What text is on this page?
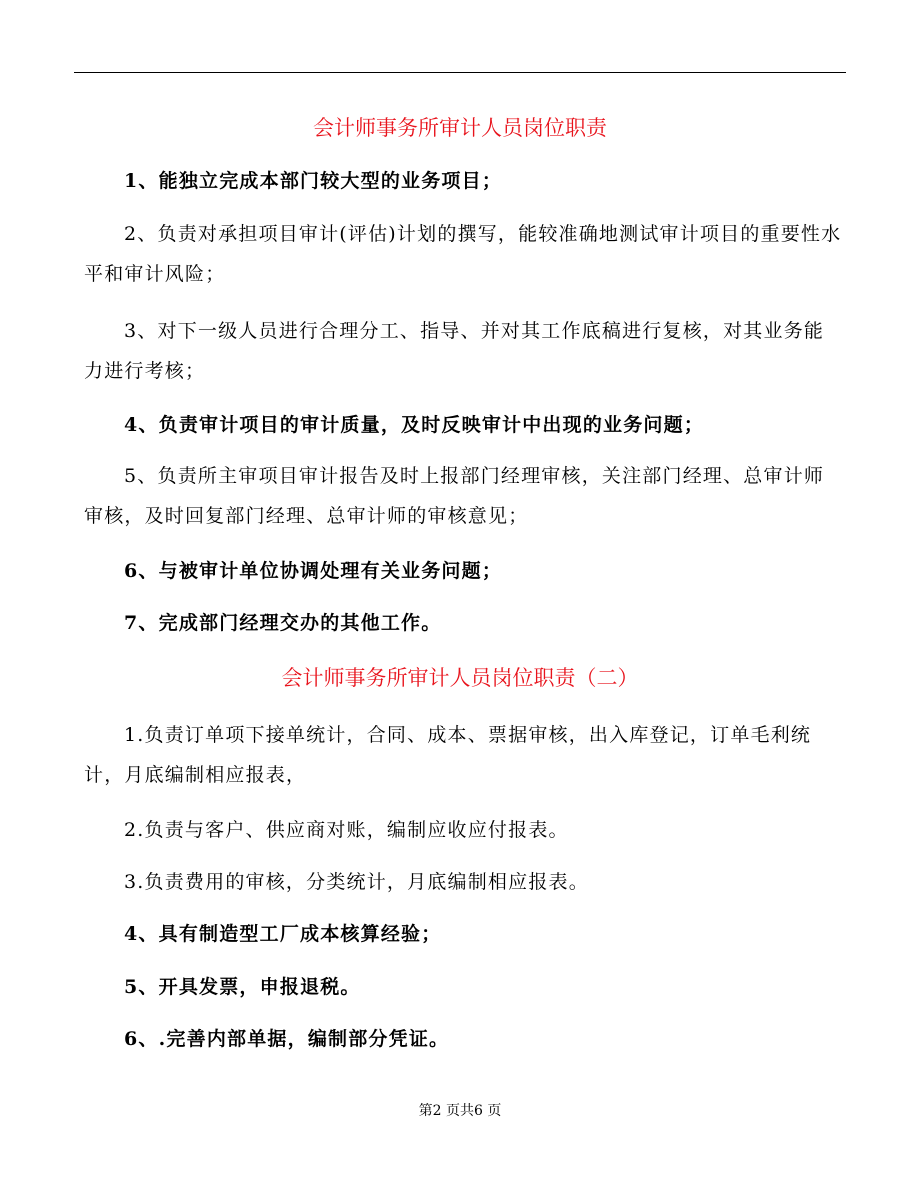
会计师事务所审计人员岗位职责
1、能独立完成本部门较大型的业务项目；
2、负责对承担项目审计(评估)计划的撰写，能较准确地测试审计项目的重要性水平和审计风险；
3、对下一级人员进行合理分工、指导、并对其工作底稿进行复核，对其业务能力进行考核；
4、负责审计项目的审计质量，及时反映审计中出现的业务问题；
5、负责所主审项目审计报告及时上报部门经理审核，关注部门经理、总审计师审核，及时回复部门经理、总审计师的审核意见；
6、与被审计单位协调处理有关业务问题；
7、完成部门经理交办的其他工作。
会计师事务所审计人员岗位职责（二）
1.负责订单项下接单统计，合同、成本、票据审核，出入库登记，订单毛利统计，月底编制相应报表，
2.负责与客户、供应商对账，编制应收应付报表。
3.负责费用的审核，分类统计，月底编制相应报表。
4、具有制造型工厂成本核算经验；
5、开具发票，申报退税。
6、.完善内部单据，编制部分凭证。
第2 页共6 页
